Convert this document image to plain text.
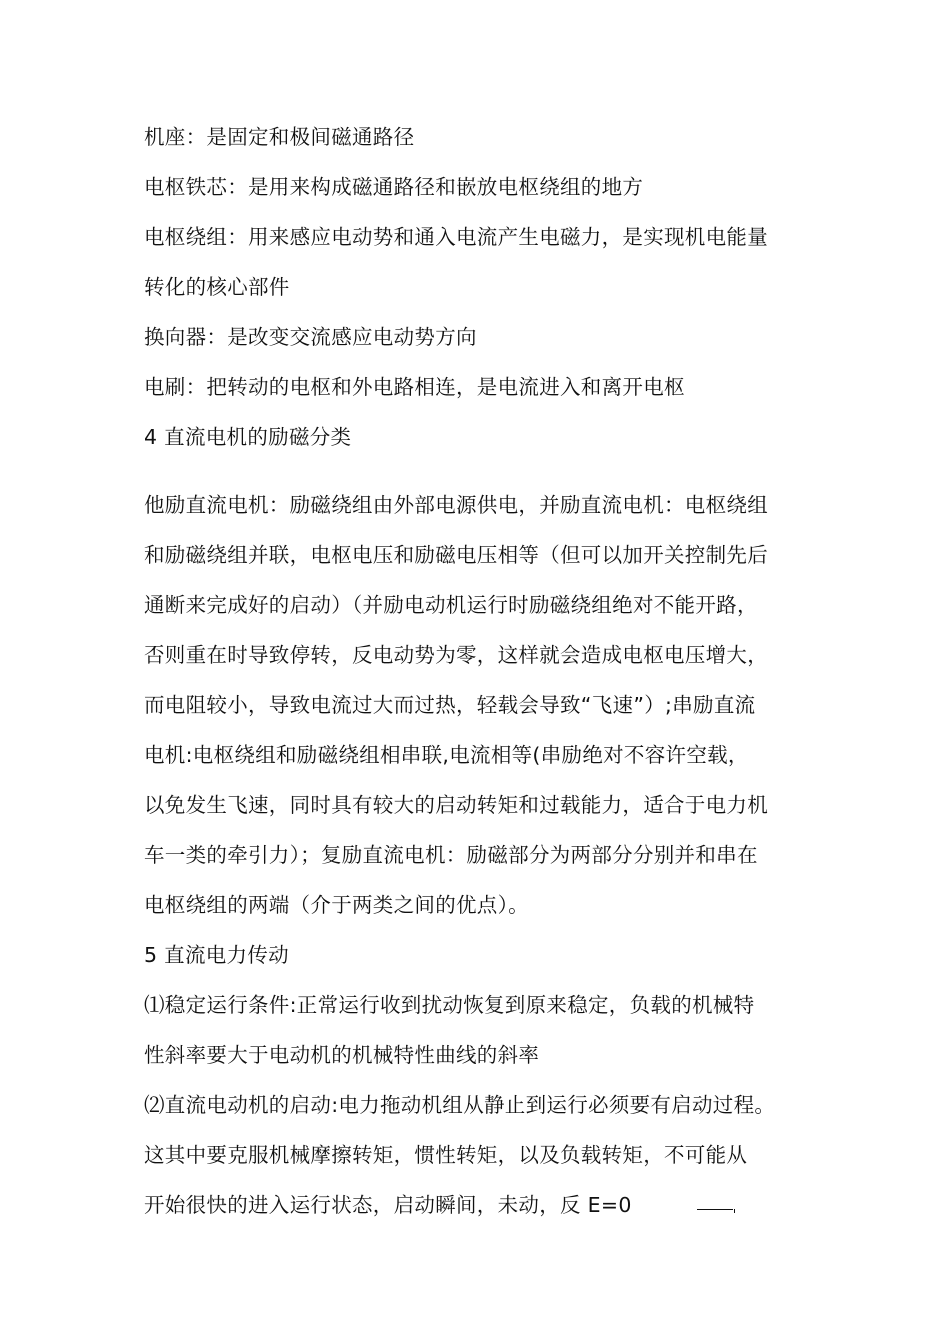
机座：是固定和极间磁通路径
电枢铁芯：是用来构成磁通路径和嵌放电枢绕组的地方
电枢绕组：用来感应电动势和通入电流产生电磁力，是实现机电能量
转化的核心部件
换向器：是改变交流感应电动势方向
电刷：把转动的电枢和外电路相连，是电流进入和离开电枢
4 直流电机的励磁分类
他励直流电机：励磁绕组由外部电源供电，并励直流电机：电枢绕组
和励磁绕组并联，电枢电压和励磁电压相等（但可以加开关控制先后
通断来完成好的启动）（并励电动机运行时励磁绕组绝对不能开路，
否则重在时导致停转，反电动势为零，这样就会造成电枢电压增大，
而电阻较小，导致电流过大而过热，轻载会导致“飞速”）;串励直流
电机:电枢绕组和励磁绕组相串联,电流相等(串励绝对不容许空载，
以免发生飞速，同时具有较大的启动转矩和过载能力，适合于电力机
车一类的牵引力）；复励直流电机：励磁部分为两部分分别并和串在
电枢绕组的两端（介于两类之间的优点）。
5 直流电力传动
⑴稳定运行条件:正常运行收到扰动恢复到原来稳定，负载的机械特
性斜率要大于电动机的机械特性曲线的斜率
⑵直流电动机的启动:电力拖动机组从静止到运行必须要有启动过程。
这其中要克服机械摩擦转矩，惯性转矩，以及负载转矩，不可能从
开始很快的进入运行状态，启动瞬间，未动，反 E=0
